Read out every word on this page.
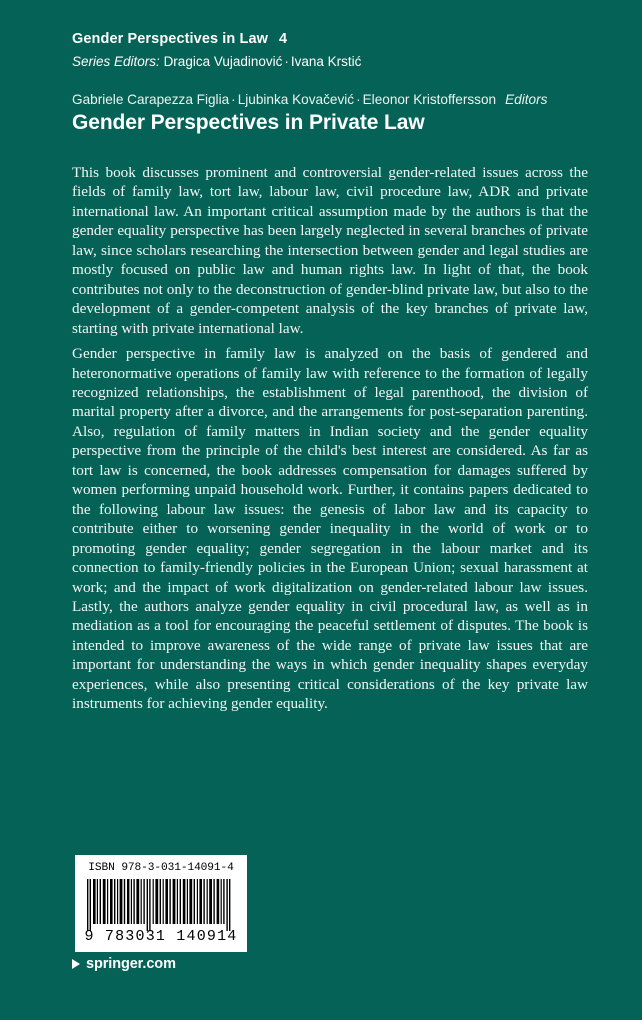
Gender Perspectives in Law 4
Series Editors: Dragica Vujadinović · Ivana Krstić
Gabriele Carapezza Figlia · Ljubinka Kovačević · Eleonor Kristoffersson Editors
Gender Perspectives in Private Law

This book discusses prominent and controversial gender-related issues across the fields of family law, tort law, labour law, civil procedure law, ADR and private international law. An important critical assumption made by the authors is that the gender equality perspective has been largely neglected in several branches of private law, since scholars researching the intersection between gender and legal studies are mostly focused on public law and human rights law. In light of that, the book contributes not only to the deconstruction of gender-blind private law, but also to the development of a gender-competent analysis of the key branches of private law, starting with private international law.

Gender perspective in family law is analyzed on the basis of gendered and heteronormative operations of family law with reference to the formation of legally recognized relationships, the establishment of legal parenthood, the division of marital property after a divorce, and the arrangements for post-separation parenting. Also, regulation of family matters in Indian society and the gender equality perspective from the principle of the child's best interest are considered. As far as tort law is concerned, the book addresses compensation for damages suffered by women performing unpaid household work. Further, it contains papers dedicated to the following labour law issues: the genesis of labor law and its capacity to contribute either to worsening gender inequality in the world of work or to promoting gender equality; gender segregation in the labour market and its connection to family-friendly policies in the European Union; sexual harassment at work; and the impact of work digitalization on gender-related labour law issues. Lastly, the authors analyze gender equality in civil procedural law, as well as in mediation as a tool for encouraging the peaceful settlement of disputes. The book is intended to improve awareness of the wide range of private law issues that are important for understanding the ways in which gender inequality shapes everyday experiences, while also presenting critical considerations of the key private law instruments for achieving gender equality.

ISBN 978-3-031-14091-4
9 783031 140914
springer.com
